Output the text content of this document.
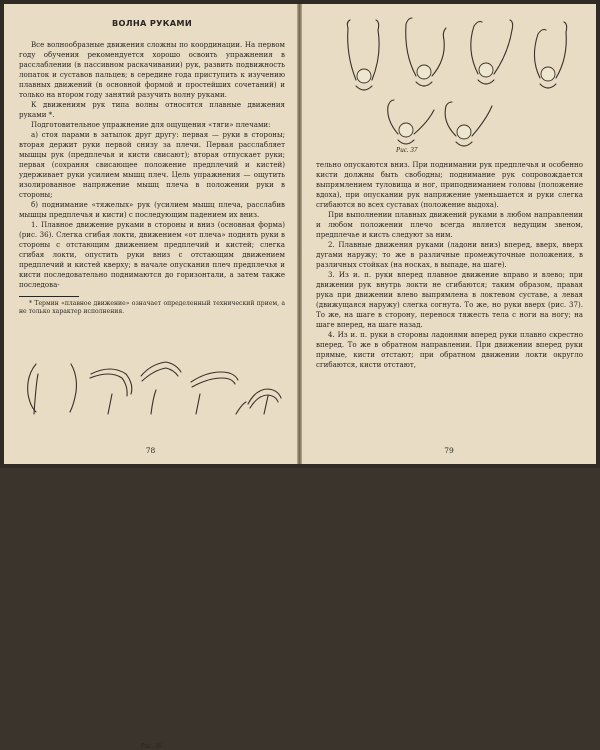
ВОЛНА РУКАМИ

Все волнообразные движения сложны по координации. На первом году обучения рекомендуется хорошо освоить упражнения в расслаблении (в пассивном раскачивании) рук, развить подвижность лопаток и суставов пальцев; в середине года приступить к изучению плавных движений (в основной формой и простейших сочетаний) и только на втором году занятий разучить волну руками.

К движениям рук типа волны относятся плавные движения руками *.

Подготовительное упражнение для ощущения «тяги» плечами:

а) стоя парами в затылок друг другу: первая — руки в стороны; вторая держит руки первой снизу за плечи. Первая расслабляет мышцы рук (предплечья и кисти свисают); вторая отпускает руки; первая (сохраняя свисающее положение предплечий и кистей) удерживает руки усилием мышц плеч. Цель упражнения — ощутить изолированное напряжение мышц плеча в положении руки в стороны;

б) поднимание «тяжелых» рук (усилием мышц плеча, расслабив мышцы предплечья и кисти) с последующим падением их вниз.

1. Плавное движение руками в стороны и вниз (основная форма) (рис. 36). Слегка сгибая локти, движением «от плеча» поднять руки в стороны с отстающим движением предплечий и кистей; слегка сгибая локти, опустить руки вниз с отстающим движением предплечий и кистей кверху; в начале опускания плеч предплечья и кисти последовательно поднимаются до горизонтали, а затем также последова-

* Термин «плавное движение» означает определенный технический прием, а не только характер исполнения.

Рис. 36
78
Рис. 37

тельно опускаются вниз. При поднимании рук предплечья и особенно кисти должны быть свободны; поднимание рук сопровождается выпрямлением туловища и ног, приподниманием головы (положение вдоха), при опускании рук напряжение уменьшается и руки слегка сгибаются во всех суставах (положение выдоха).

При выполнении плавных движений руками в любом направлении и любом положении плечо всегда является ведущим звеном, предплечье и кисть следуют за ним.

2. Плавные движения руками (ладони вниз) вперед, вверх, вверх дугами наружу; то же в различные промежуточные положения, в различных стойках (на носках, в выпаде, на шаге).

3. Из и. п. руки вперед плавное движение вправо и влево; при движении рук внутрь локти не сгибаются; таким образом, правая рука при движении влево выпрямлена в локтевом суставе, а левая (движущаяся наружу) слегка согнута. То же, но руки вверх (рис. 37). То же, на шаге в сторону, перенося тяжесть тела с ноги на ногу; на шаге вперед, на шаге назад.

4. Из и. п. руки в стороны ладонями вперед руки плавно скрестно вперед. То же в обратном направлении. При движении вперед руки прямые, кисти отстают; при обратном движении локти округло сгибаются, кисти отстают,

79
